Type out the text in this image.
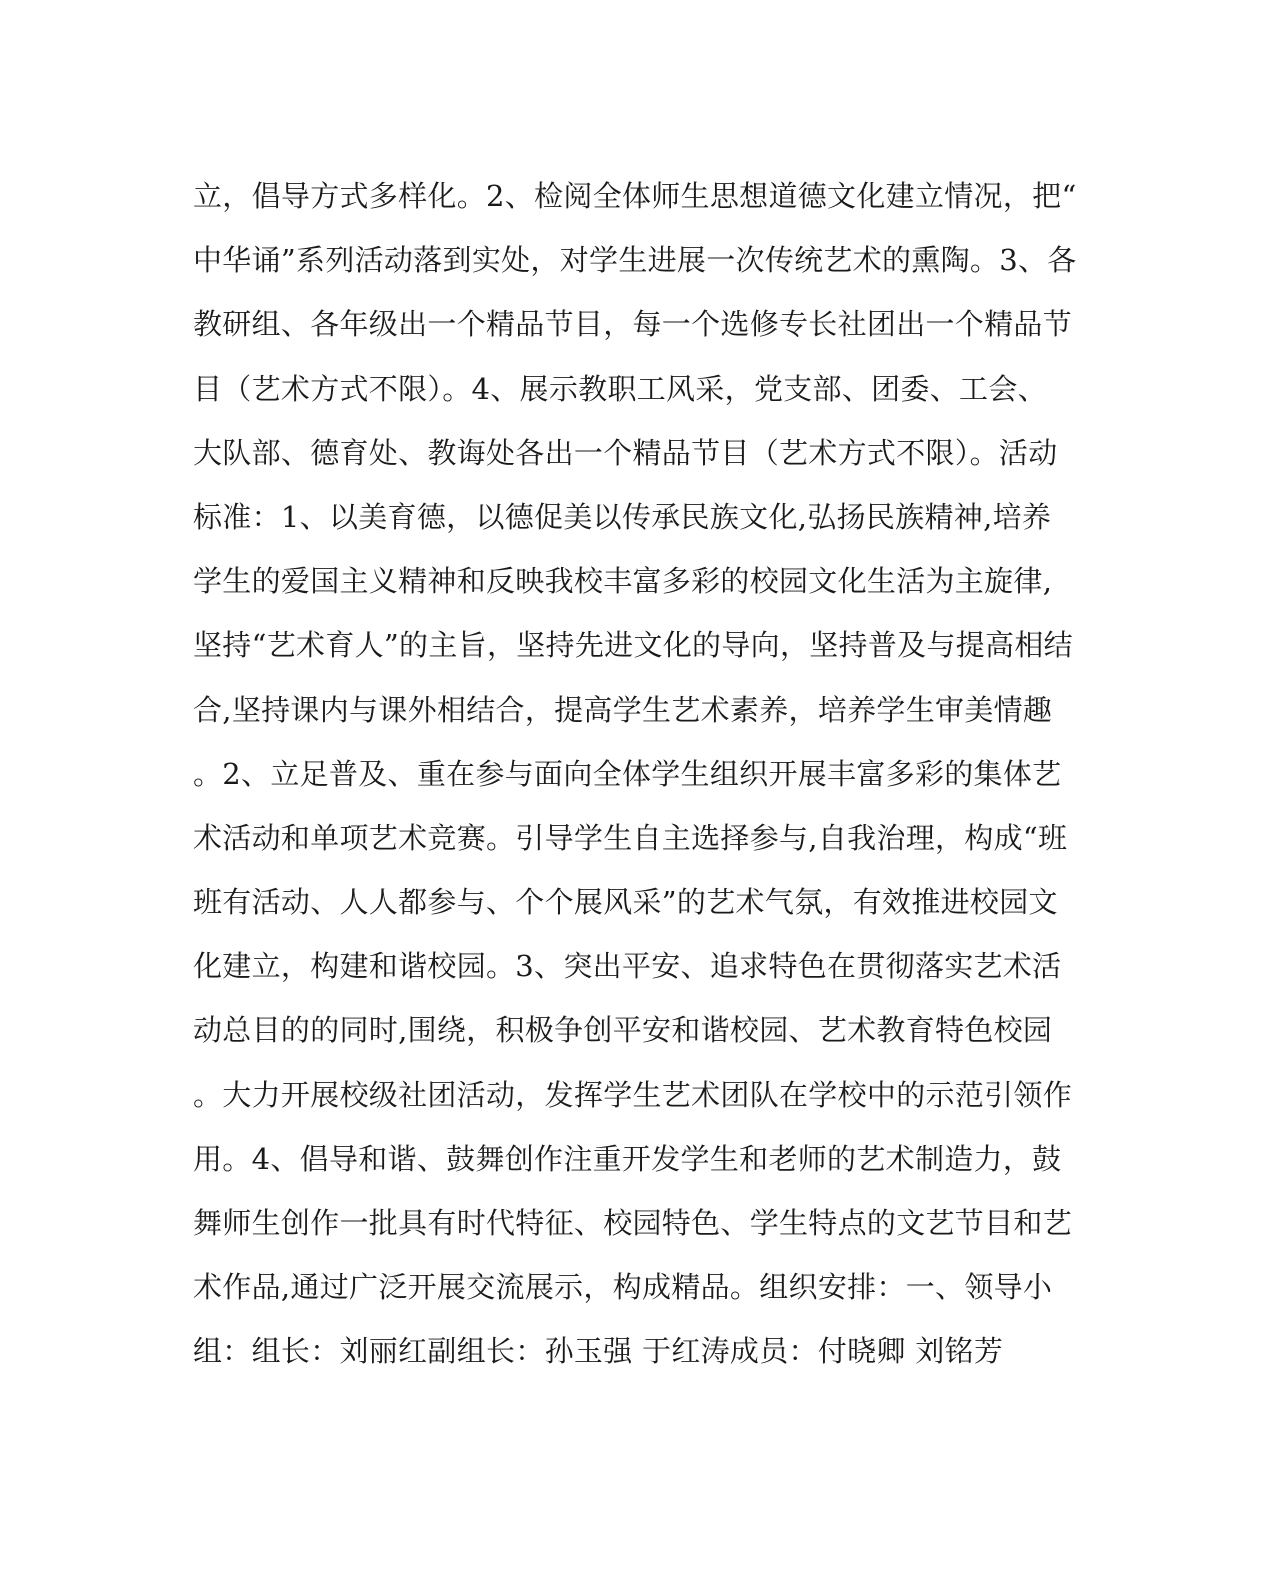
立，倡导方式多样化。2、检阅全体师生思想道德文化建立情况，把“
中华诵”系列活动落到实处，对学生进展一次传统艺术的熏陶。3、各
教研组、各年级出一个精品节目，每一个选修专长社团出一个精品节
目（艺术方式不限）。4、展示教职工风采，党支部、团委、工会、
大队部、德育处、教诲处各出一个精品节目（艺术方式不限）。活动
标准：1、以美育德，以德促美以传承民族文化,弘扬民族精神,培养
学生的爱国主义精神和反映我校丰富多彩的校园文化生活为主旋律,
坚持“艺术育人”的主旨，坚持先进文化的导向，坚持普及与提高相结
合,坚持课内与课外相结合，提高学生艺术素养，培养学生审美情趣
。2、立足普及、重在参与面向全体学生组织开展丰富多彩的集体艺
术活动和单项艺术竞赛。引导学生自主选择参与,自我治理，构成“班
班有活动、人人都参与、个个展风采”的艺术气氛，有效推进校园文
化建立，构建和谐校园。3、突出平安、追求特色在贯彻落实艺术活
动总目的的同时,围绕，积极争创平安和谐校园、艺术教育特色校园
。大力开展校级社团活动，发挥学生艺术团队在学校中的示范引领作
用。4、倡导和谐、鼓舞创作注重开发学生和老师的艺术制造力，鼓
舞师生创作一批具有时代特征、校园特色、学生特点的文艺节目和艺
术作品,通过广泛开展交流展示，构成精品。组织安排：一、领导小
组：组长：刘丽红副组长：孙玉强 于红涛成员：付晓卿 刘铭芳
